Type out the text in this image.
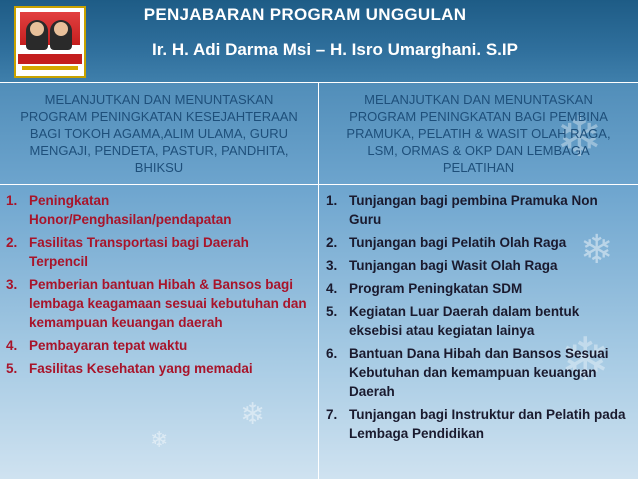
❄
❄
❄
❄
❄
PENJABARAN PROGRAM UNGGULAN
Ir. H. Adi Darma Msi – H. Isro Umarghani. S.IP
MELANJUTKAN DAN MENUNTASKAN
PROGRAM PENINGKATAN KESEJAHTERAAN
BAGI TOKOH AGAMA,ALIM ULAMA, GURU
MENGAJI, PENDETA, PASTUR, PANDHITA,
BHIKSU
MELANJUTKAN DAN MENUNTASKAN
PROGRAM PENINGKATAN BAGI PEMBINA
PRAMUKA, PELATIH & WASIT OLAH RAGA,
LSM, ORMAS & OKP DAN LEMBAGA
PELATIHAN
1. Peningkatan Honor/Penghasilan/pendapatan
2. Fasilitas Transportasi bagi Daerah Terpencil
3. Pemberian bantuan Hibah & Bansos bagi lembaga keagamaan sesuai kebutuhan dan kemampuan keuangan daerah
4. Pembayaran tepat waktu
5. Fasilitas Kesehatan yang memadai
1. Tunjangan bagi pembina Pramuka Non Guru
2. Tunjangan bagi Pelatih Olah Raga
3. Tunjangan bagi Wasit Olah Raga
4. Program Peningkatan SDM
5. Kegiatan Luar Daerah dalam bentuk eksebisi atau kegiatan lainya
6. Bantuan Dana Hibah dan Bansos Sesuai Kebutuhan dan kemampuan keuangan Daerah
7. Tunjangan bagi Instruktur dan Pelatih pada Lembaga Pendidikan
